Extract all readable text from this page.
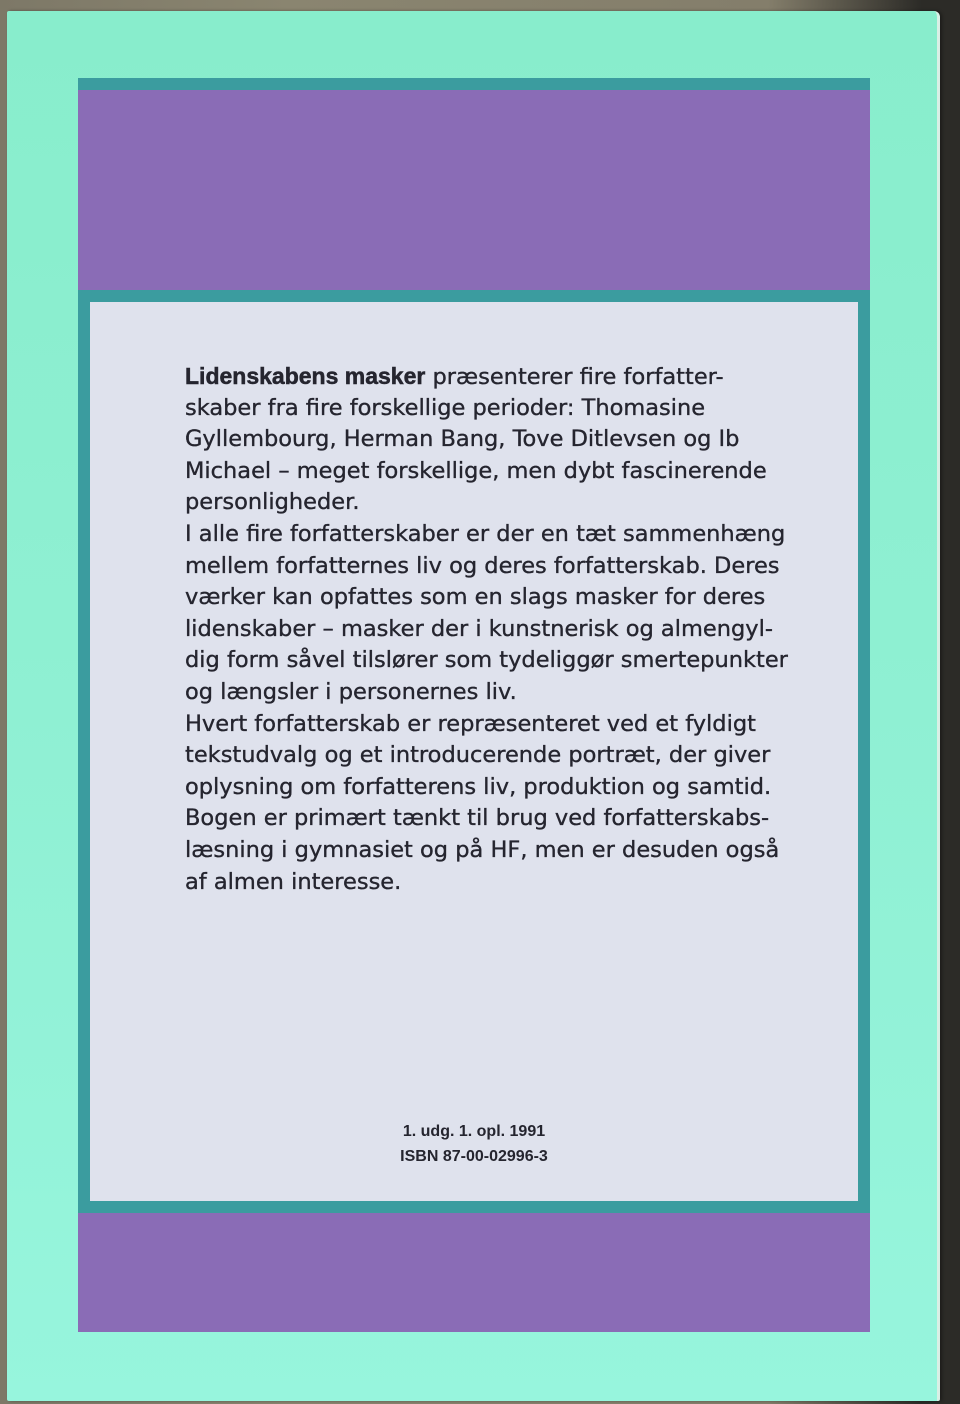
Lidenskabens masker præsenterer fire forfatter-
skaber fra fire forskellige perioder: Thomasine
Gyllembourg, Herman Bang, Tove Ditlevsen og Ib
Michael – meget forskellige, men dybt fascinerende
personligheder.
I alle fire forfatterskaber er der en tæt sammenhæng
mellem forfatternes liv og deres forfatterskab. Deres
værker kan opfattes som en slags masker for deres
lidenskaber – masker der i kunstnerisk og almengyl-
dig form såvel tilslører som tydeliggør smertepunkter
og længsler i personernes liv.
Hvert forfatterskab er repræsenteret ved et fyldigt
tekstudvalg og et introducerende portræt, der giver
oplysning om forfatterens liv, produktion og samtid.
Bogen er primært tænkt til brug ved forfatterskabs-
læsning i gymnasiet og på HF, men er desuden også
af almen interesse.
1. udg. 1. opl. 1991
ISBN 87-00-02996-3
